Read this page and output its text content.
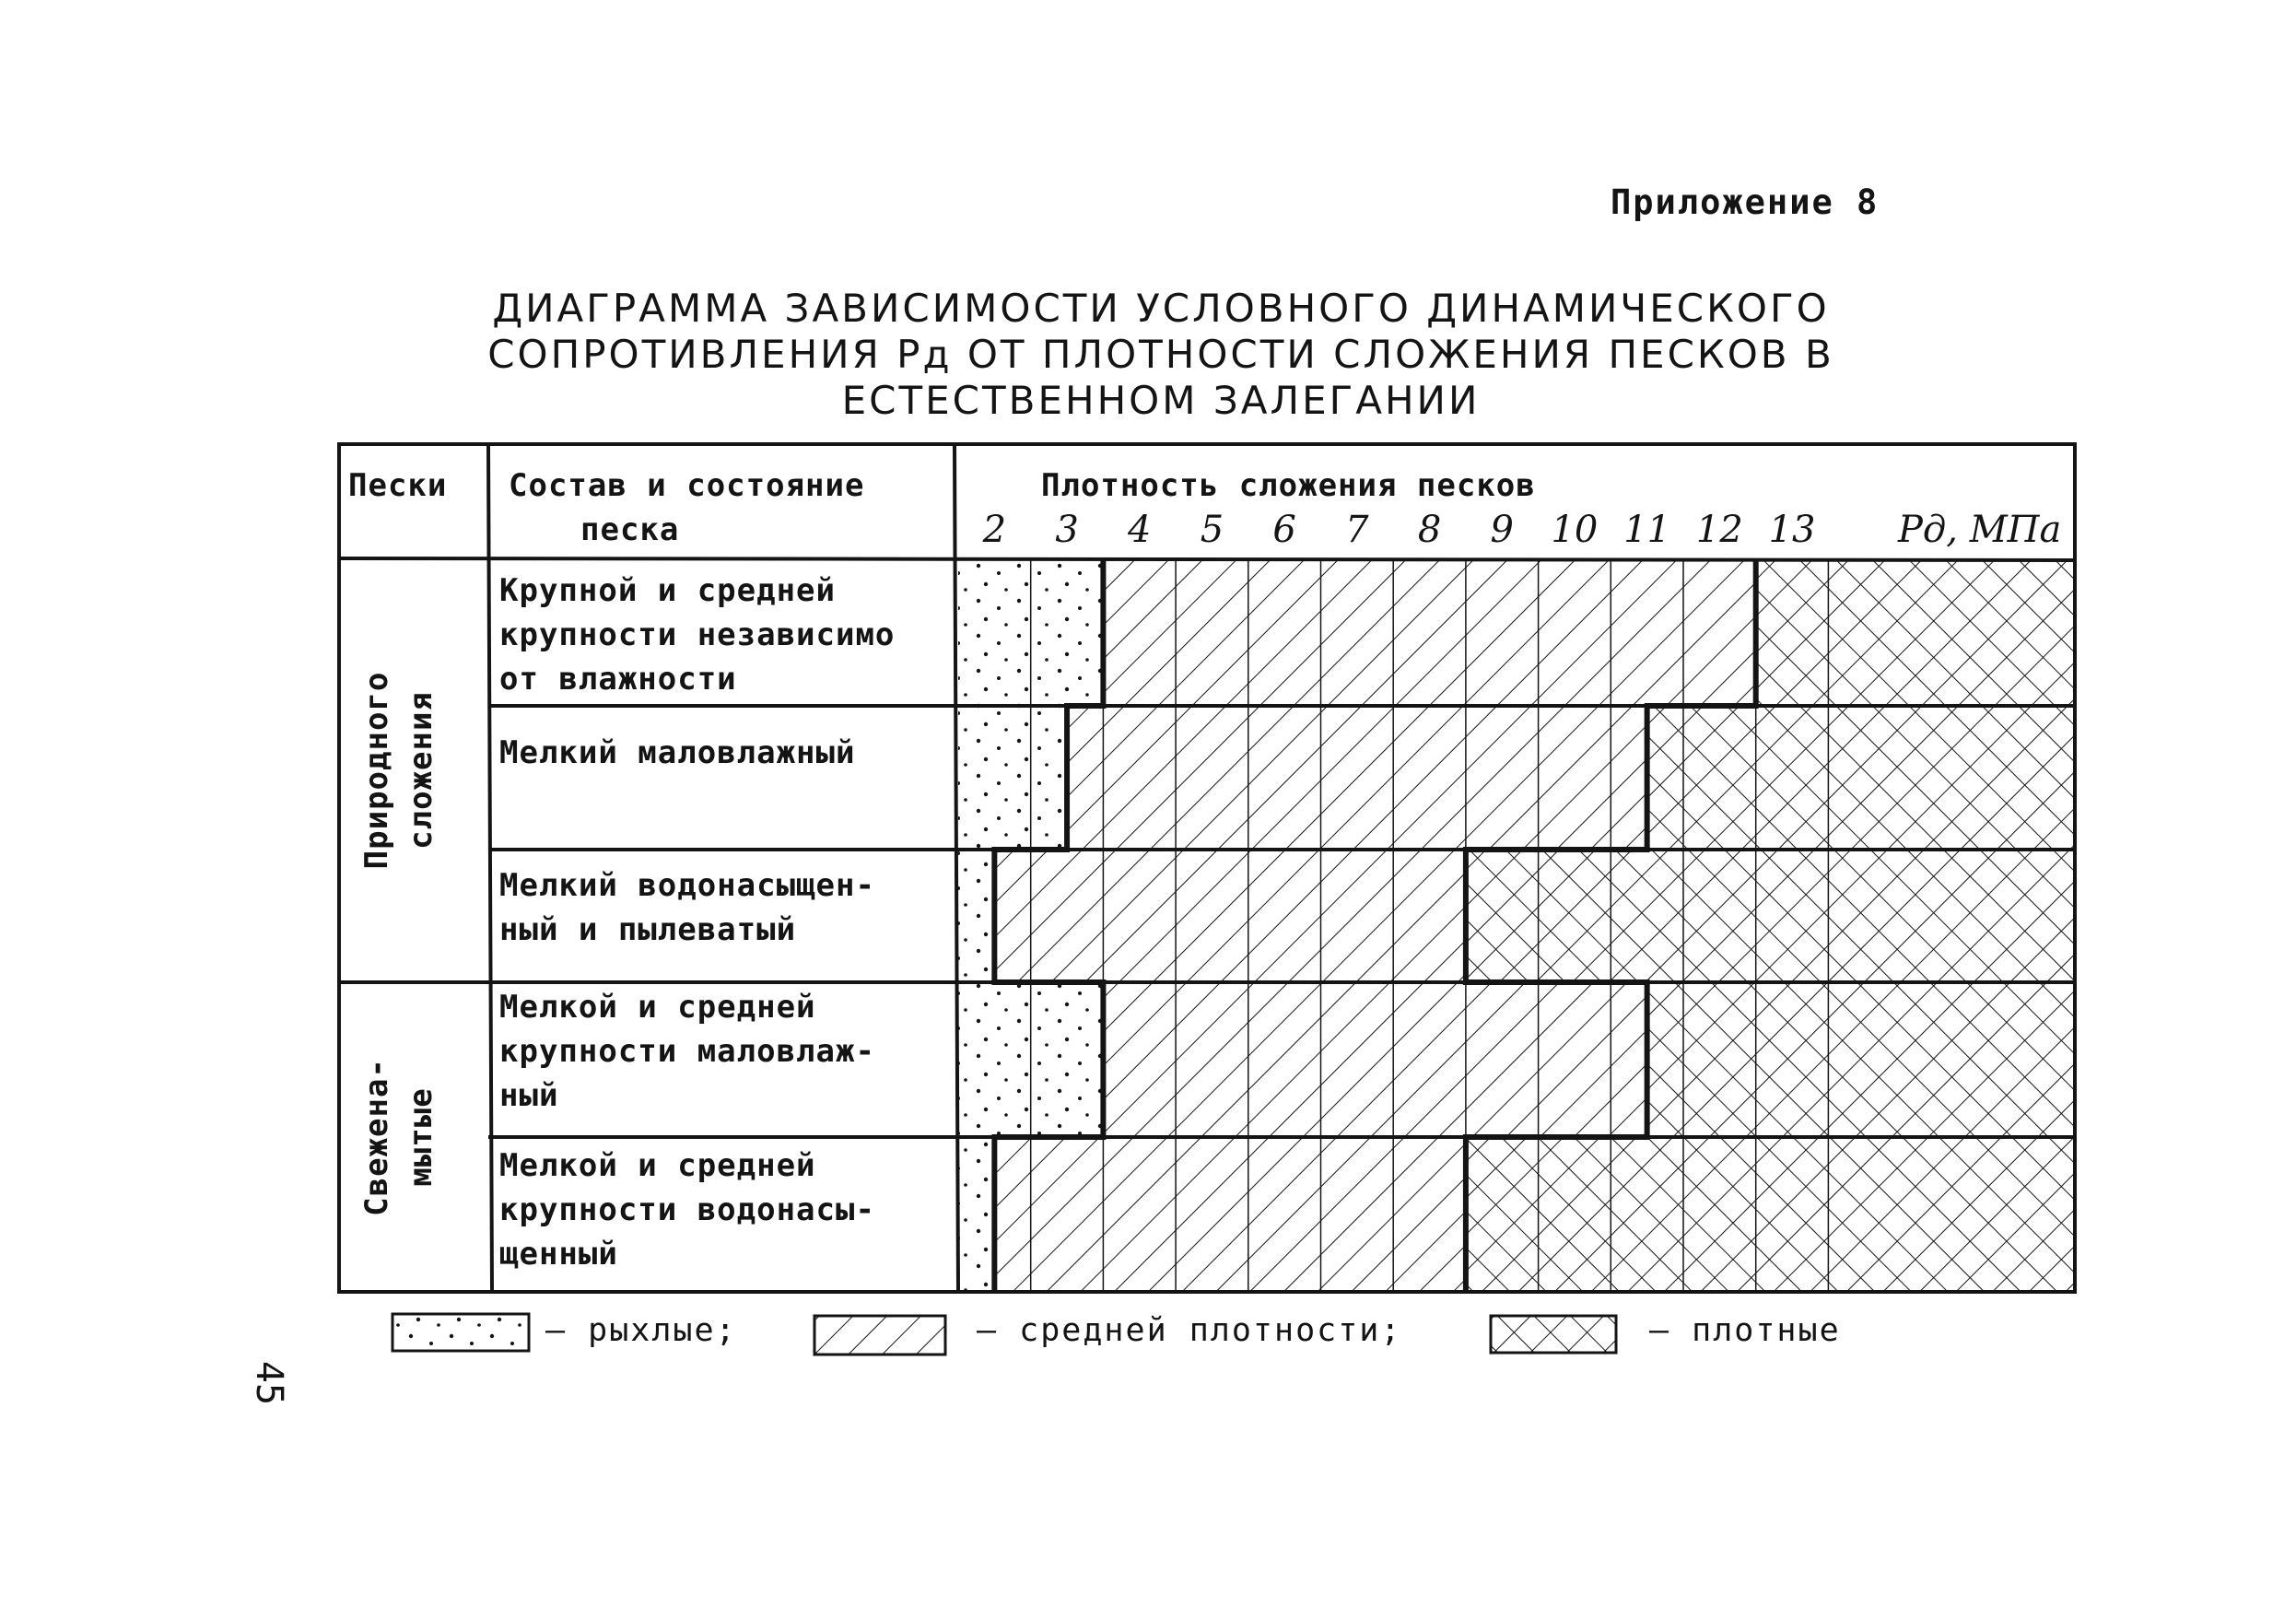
Приложение 8
ДИАГРАММА ЗАВИСИМОСТИ УСЛОВНОГО ДИНАМИЧЕСКОГО
СОПРОТИВЛЕНИЯ Рд ОТ ПЛОТНОСТИ СЛОЖЕНИЯ ПЕСКОВ В
ЕСТЕСТВЕННОМ ЗАЛЕГАНИИ
Пески Состав и состояние
песка
Плотность сложения песков
2 3 4 5 6 7 8 9 10 11 12 13 Рд, МПа
Природного сложения
Свежена- мытые
Крупной и средней
крупности независимо
от влажности
Мелкий маловлажный
Мелкий водонасыщен-
ный и пылеватый
Мелкой и средней
крупности маловлаж-
ный
Мелкой и средней
крупности водонасы-
щенный
– рыхлые;	– средней плотности;	– плотные
45
